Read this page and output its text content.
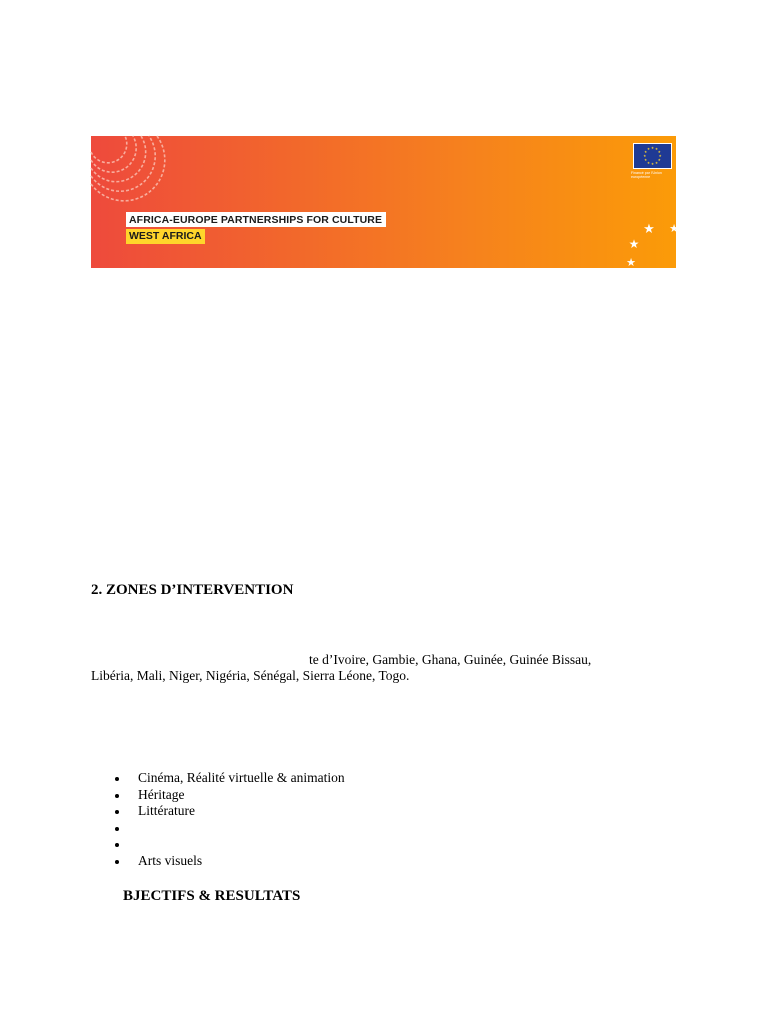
AFRICA-EUROPE PARTNERSHIPS FOR CULTURE
WEST AFRICA
★ ★
★
★
★
★
★
★
★
★
★
★
Financé par l'Union européenne
★ ★
★
★
2. ZONES D’INTERVENTION
te d’Ivoire, Gambie, Ghana, Guinée, Guinée Bissau,
Libéria, Mali, Niger, Nigéria, Sénégal, Sierra Léone, Togo.
Cinéma, Réalité virtuelle & animation
Héritage
Littérature
Arts visuels
BJECTIFS & RESULTATS
